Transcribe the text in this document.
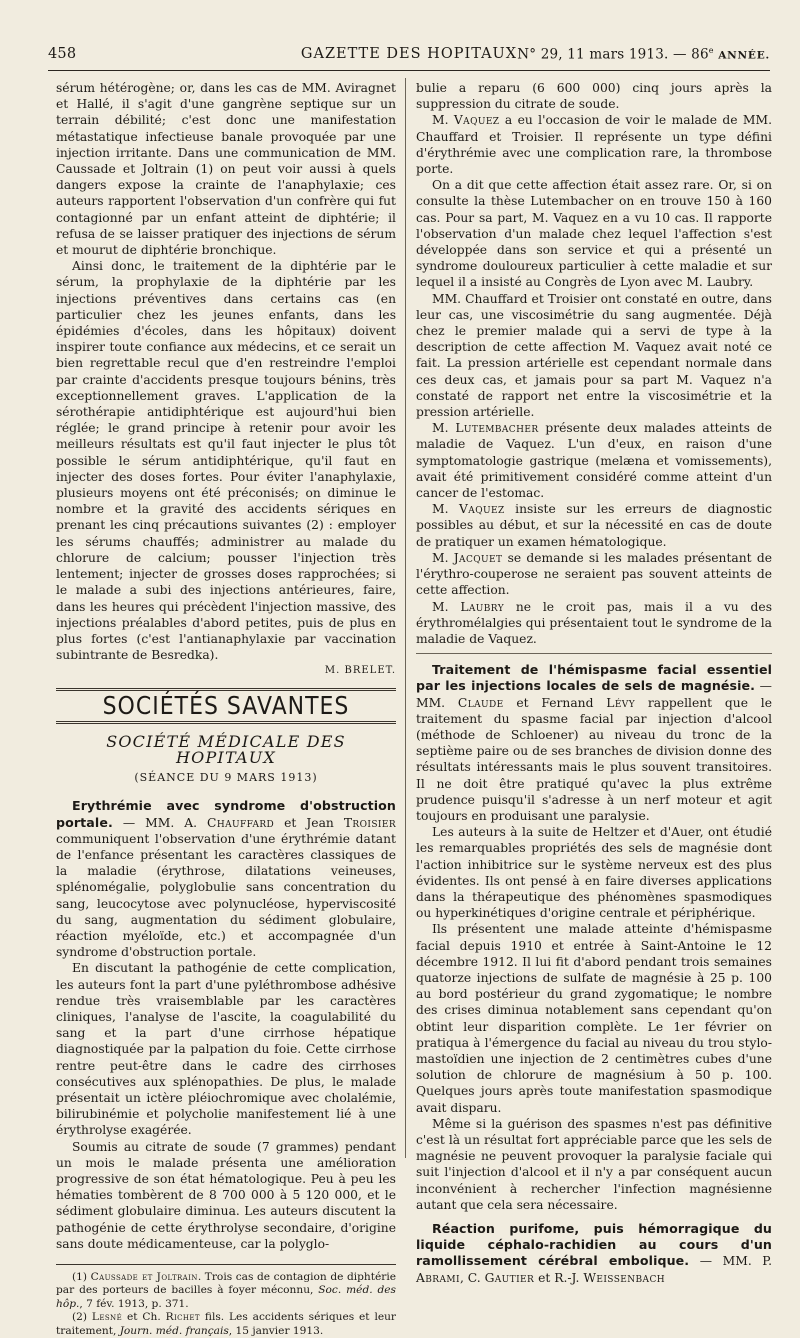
458	GAZETTE DES HOPITAUX N° 29, 11 mars 1913. — 86e ANNÉE.

sérum hétérogène; or, dans les cas de MM. Aviragnet et Hallé, il s'agit d'une gangrène septique sur un terrain débilité; c'est donc une manifestation métastatique infectieuse banale provoquée par une injection irritante. Dans une communication de MM. Caussade et Joltrain (1) on peut voir aussi à quels dangers expose la crainte de l'anaphylaxie; ces auteurs rapportent l'observation d'un confrère qui fut contagionné par un enfant atteint de diphtérie; il refusa de se laisser pratiquer des injections de sérum et mourut de diphtérie bronchique.

Ainsi donc, le traitement de la diphtérie par le sérum, la prophylaxie de la diphtérie par les injections préventives dans certains cas (en particulier chez les jeunes enfants, dans les épidémies d'écoles, dans les hôpitaux) doivent inspirer toute confiance aux médecins, et ce serait un bien regrettable recul que d'en restreindre l'emploi par crainte d'accidents presque toujours bénins, très exceptionnellement graves. L'application de la sérothérapie antidiphtérique est aujourd'hui bien réglée; le grand principe à retenir pour avoir les meilleurs résultats est qu'il faut injecter le plus tôt possible le sérum antidiphtérique, qu'il faut en injecter des doses fortes. Pour éviter l'anaphylaxie, plusieurs moyens ont été préconisés; on diminue le nombre et la gravité des accidents sériques en prenant les cinq précautions suivantes (2) : employer les sérums chauffés; administrer au malade du chlorure de calcium; pousser l'injection très lentement; injecter de grosses doses rapprochées; si le malade a subi des injections antérieures, faire, dans les heures qui précèdent l'injection massive, des injections préalables d'abord petites, puis de plus en plus fortes (c'est l'antianaphylaxie par vaccination subintrante de Besredka).

M. BRELET.
SOCIÉTÉS SAVANTES
SOCIÉTÉ MÉDICALE DES HOPITAUX
(SÉANCE DU 9 MARS 1913)

Erythrémie avec syndrome d'obstruction portale. — MM. A. Chauffard et Jean Troisier communiquent l'observation d'une érythrémie datant de l'enfance présentant les caractères classiques de la maladie (érythrose, dilatations veineuses, splénomégalie, polyglobulie sans concentration du sang, leucocytose avec polynucléose, hyperviscosité du sang, augmentation du sédiment globulaire, réaction myéloïde, etc.) et accompagnée d'un syndrome d'obstruction portale.

En discutant la pathogénie de cette complication, les auteurs font la part d'une pyléthrombose adhésive rendue très vraisemblable par les caractères cliniques, l'analyse de l'ascite, la coagulabilité du sang et la part d'une cirrhose hépatique diagnostiquée par la palpation du foie. Cette cirrhose rentre peut-être dans le cadre des cirrhoses consécutives aux splénopathies. De plus, le malade présentait un ictère pléiochromique avec cholalémie, bilirubinémie et polycholie manifestement lié à une érythrolyse exagérée.

Soumis au citrate de soude (7 grammes) pendant un mois le malade présenta une amélioration progressive de son état hématologique. Peu à peu les hématies tombèrent de 8 700 000 à 5 120 000, et le sédiment globulaire diminua. Les auteurs discutent la pathogénie de cette érythrolyse secondaire, d'origine sans doute médicamenteuse, car la polyglo-

(1) Caussade et Joltrain. Trois cas de contagion de diphtérie par des porteurs de bacilles à foyer méconnu, Soc. méd. des hôp., 7 fév. 1913, p. 371.

(2) Lesné et Ch. Richet fils. Les accidents sériques et leur traitement, Journ. méd. français, 15 janvier 1913.

bulie a reparu (6 600 000) cinq jours après la suppression du citrate de soude.

M. Vaquez a eu l'occasion de voir le malade de MM. Chauffard et Troisier. Il représente un type défini d'érythrémie avec une complication rare, la thrombose porte.

On a dit que cette affection était assez rare. Or, si on consulte la thèse Lutembacher on en trouve 150 à 160 cas. Pour sa part, M. Vaquez en a vu 10 cas. Il rapporte l'observation d'un malade chez lequel l'affection s'est développée dans son service et qui a présenté un syndrome douloureux particulier à cette maladie et sur lequel il a insisté au Congrès de Lyon avec M. Laubry.

MM. Chauffard et Troisier ont constaté en outre, dans leur cas, une viscosimétrie du sang augmentée. Déjà chez le premier malade qui a servi de type à la description de cette affection M. Vaquez avait noté ce fait. La pression artérielle est cependant normale dans ces deux cas, et jamais pour sa part M. Vaquez n'a constaté de rapport net entre la viscosimétrie et la pression artérielle.

M. Lutembacher présente deux malades atteints de maladie de Vaquez. L'un d'eux, en raison d'une symptomatologie gastrique (melæna et vomissements), avait été primitivement considéré comme atteint d'un cancer de l'estomac.

M. Vaquez insiste sur les erreurs de diagnostic possibles au début, et sur la nécessité en cas de doute de pratiquer un examen hématologique.

M. Jacquet se demande si les malades présentant de l'érythro-couperose ne seraient pas souvent atteints de cette affection.

M. Laubry ne le croit pas, mais il a vu des érythromélalgies qui présentaient tout le syndrome de la maladie de Vaquez.

Traitement de l'hémispasme facial essentiel par les injections locales de sels de magnésie. — MM. Claude et Fernand Lévy rappellent que le traitement du spasme facial par injection d'alcool (méthode de Schloener) au niveau du tronc de la septième paire ou de ses branches de division donne des résultats intéressants mais le plus souvent transitoires. Il ne doit être pratiqué qu'avec la plus extrême prudence puisqu'il s'adresse à un nerf moteur et agit toujours en produisant une paralysie.

Les auteurs à la suite de Heltzer et d'Auer, ont étudié les remarquables propriétés des sels de magnésie dont l'action inhibitrice sur le système nerveux est des plus évidentes. Ils ont pensé à en faire diverses applications dans la thérapeutique des phénomènes spasmodiques ou hyperkinétiques d'origine centrale et périphérique.

Ils présentent une malade atteinte d'hémispasme facial depuis 1910 et entrée à Saint-Antoine le 12 décembre 1912. Il lui fit d'abord pendant trois semaines quatorze injections de sulfate de magnésie à 25 p. 100 au bord postérieur du grand zygomatique; le nombre des crises diminua notablement sans cependant qu'on obtint leur disparition complète. Le 1er février on pratiqua à l'émergence du facial au niveau du trou stylo-mastoïdien une injection de 2 centimètres cubes d'une solution de chlorure de magnésium à 50 p. 100. Quelques jours après toute manifestation spasmodique avait disparu.

Même si la guérison des spasmes n'est pas définitive c'est là un résultat fort appréciable parce que les sels de magnésie ne peuvent provoquer la paralysie faciale qui suit l'injection d'alcool et il n'y a par conséquent aucun inconvénient à rechercher l'infection magnésienne autant que cela sera nécessaire.

Réaction purifome, puis hémorragique du liquide céphalo-rachidien au cours d'un ramollissement cérébral embolique. — MM. P. Abrami, C. Gautier et R.-J. Weissenbach
